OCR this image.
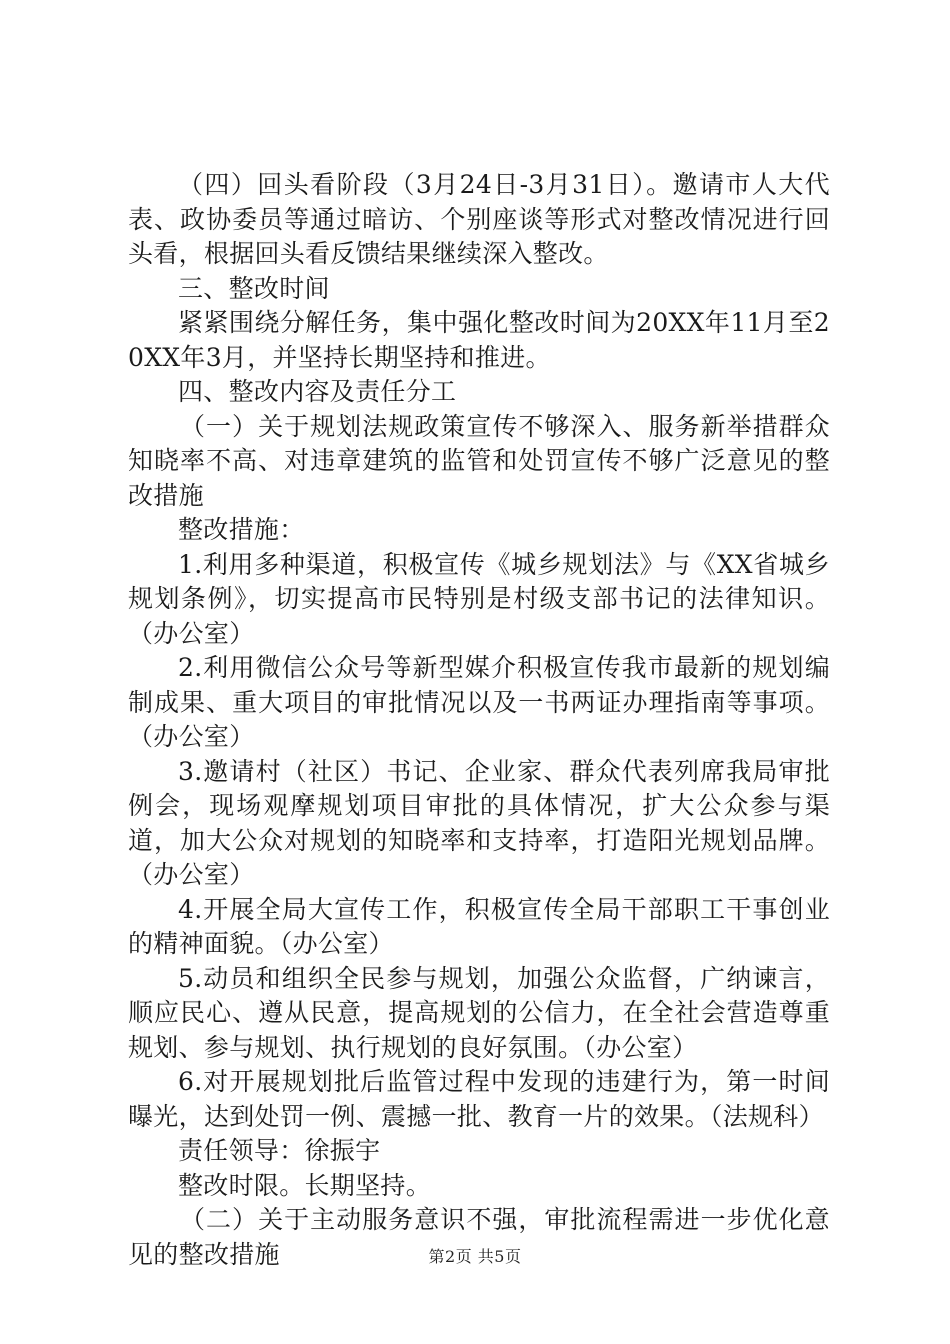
（四）回头看阶段（3月24日-3月31日）。邀请市人大代表、政协委员等通过暗访、个别座谈等形式对整改情况进行回头看，根据回头看反馈结果继续深入整改。

三、整改时间

紧紧围绕分解任务，集中强化整改时间为20XX年11月至20XX年3月，并坚持长期坚持和推进。

四、整改内容及责任分工

（一）关于规划法规政策宣传不够深入、服务新举措群众知晓率不高、对违章建筑的监管和处罚宣传不够广泛意见的整改措施

整改措施：

1.利用多种渠道，积极宣传《城乡规划法》与《XX省城乡规划条例》，切实提高市民特别是村级支部书记的法律知识。（办公室）

2.利用微信公众号等新型媒介积极宣传我市最新的规划编制成果、重大项目的审批情况以及一书两证办理指南等事项。（办公室）

3.邀请村（社区）书记、企业家、群众代表列席我局审批例会，现场观摩规划项目审批的具体情况，扩大公众参与渠道，加大公众对规划的知晓率和支持率，打造阳光规划品牌。（办公室）

4.开展全局大宣传工作，积极宣传全局干部职工干事创业的精神面貌。（办公室）

5.动员和组织全民参与规划，加强公众监督，广纳谏言，顺应民心、遵从民意，提高规划的公信力，在全社会营造尊重规划、参与规划、执行规划的良好氛围。（办公室）

6.对开展规划批后监管过程中发现的违建行为，第一时间曝光，达到处罚一例、震撼一批、教育一片的效果。（法规科）

责任领导：徐振宇

整改时限。长期坚持。

（二）关于主动服务意识不强，审批流程需进一步优化意见的整改措施	第2页 共5页
